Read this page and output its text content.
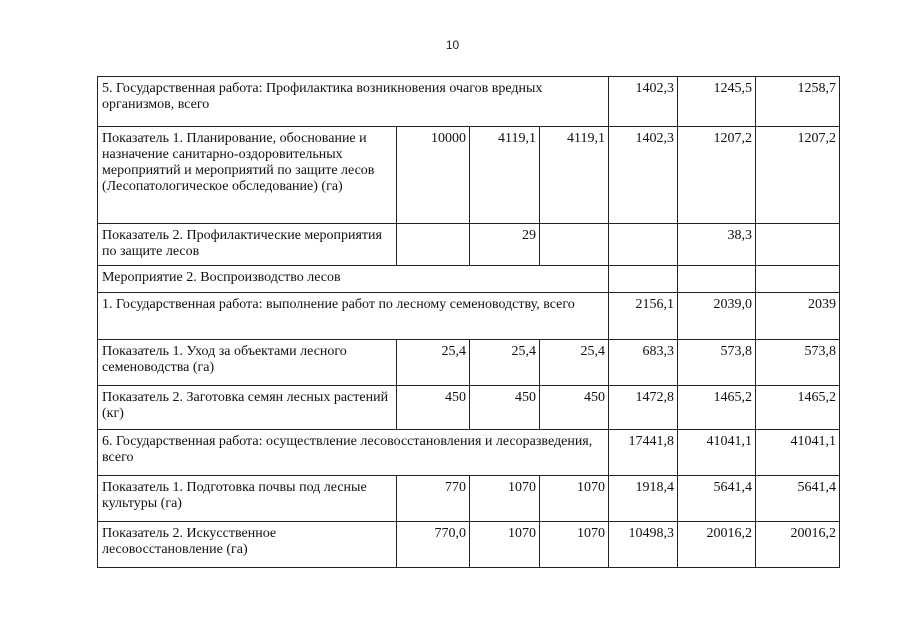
10
5. Государственная работа: Профилактика возникновения очагов вредных организмов, всего				1402,3	1245,5	1258,7
Показатель 1. Планирование, обоснование и назначение санитарно-оздоровительных мероприятий и мероприятий по защите лесов (Лесопатологическое обследование) (га)	10000	4119,1	4119,1	1402,3	1207,2	1207,2
Показатель 2. Профилактические мероприятия по защите лесов		29			38,3	
Мероприятие 2. Воспроизводство лесов						
1. Государственная работа: выполнение работ по лесному семеноводству, всего				2156,1	2039,0	2039
Показатель 1. Уход за объектами лесного семеноводства (га)	25,4	25,4	25,4	683,3	573,8	573,8
Показатель 2. Заготовка семян лесных растений (кг)	450	450	450	1472,8	1465,2	1465,2
6. Государственная работа: осуществление лесовосстановления и лесоразведения, всего				17441,8	41041,1	41041,1
Показатель 1. Подготовка почвы под лесные культуры (га)	770	1070	1070	1918,4	5641,4	5641,4
Показатель 2. Искусственное лесовосстановление (га)	770,0	1070	1070	10498,3	20016,2	20016,2
